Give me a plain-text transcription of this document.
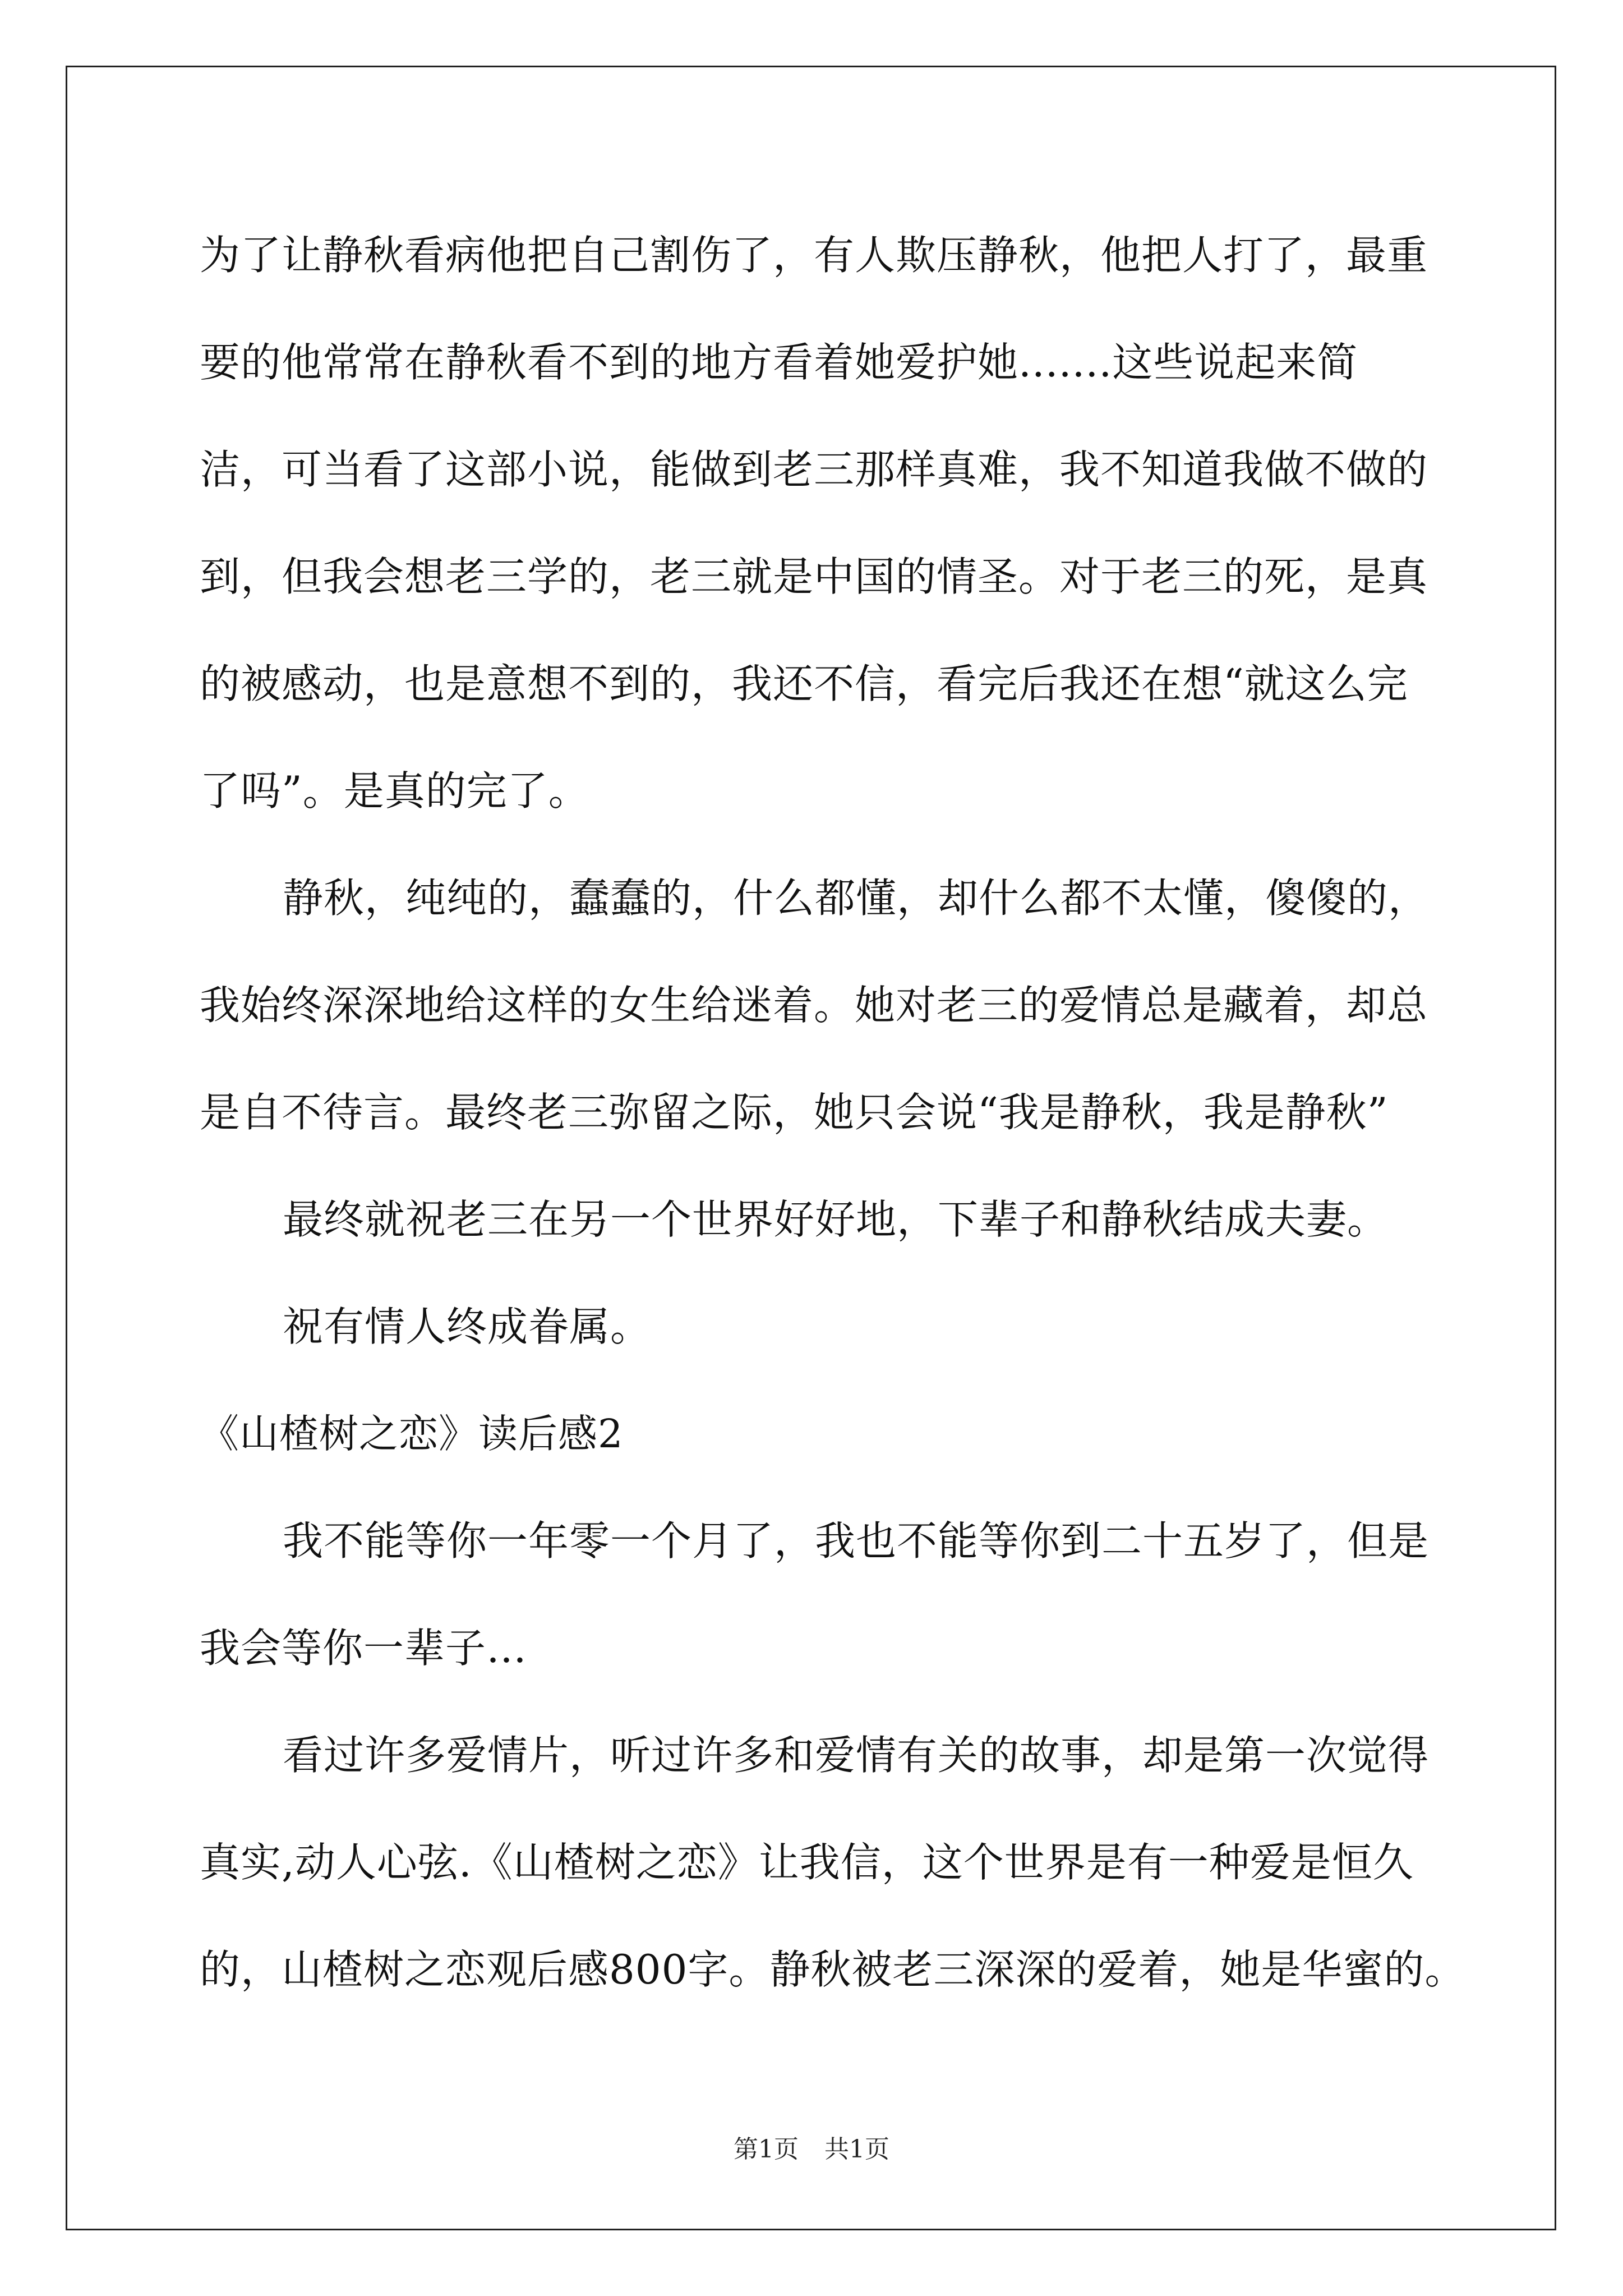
为了让静秋看病他把自己割伤了，有人欺压静秋，他把人打了，最重
要的他常常在静秋看不到的地方看着她爱护她.......这些说起来简
洁，可当看了这部小说，能做到老三那样真难，我不知道我做不做的
到，但我会想老三学的，老三就是中国的情圣。对于老三的死，是真
的被感动，也是意想不到的，我还不信，看完后我还在想“就这么完
了吗”。是真的完了。
静秋，纯纯的，蠢蠢的，什么都懂，却什么都不太懂，傻傻的，
我始终深深地给这样的女生给迷着。她对老三的爱情总是藏着，却总
是自不待言。最终老三弥留之际，她只会说“我是静秋，我是静秋”
最终就祝老三在另一个世界好好地，下辈子和静秋结成夫妻。
祝有情人终成眷属。
《山楂树之恋》读后感2
我不能等你一年零一个月了，我也不能等你到二十五岁了，但是
我会等你一辈子…
看过许多爱情片，听过许多和爱情有关的故事，却是第一次觉得
真实,动人心弦.《山楂树之恋》让我信，这个世界是有一种爱是恒久
的，山楂树之恋观后感800字。静秋被老三深深的爱着，她是华蜜的。
第1页 共1页
